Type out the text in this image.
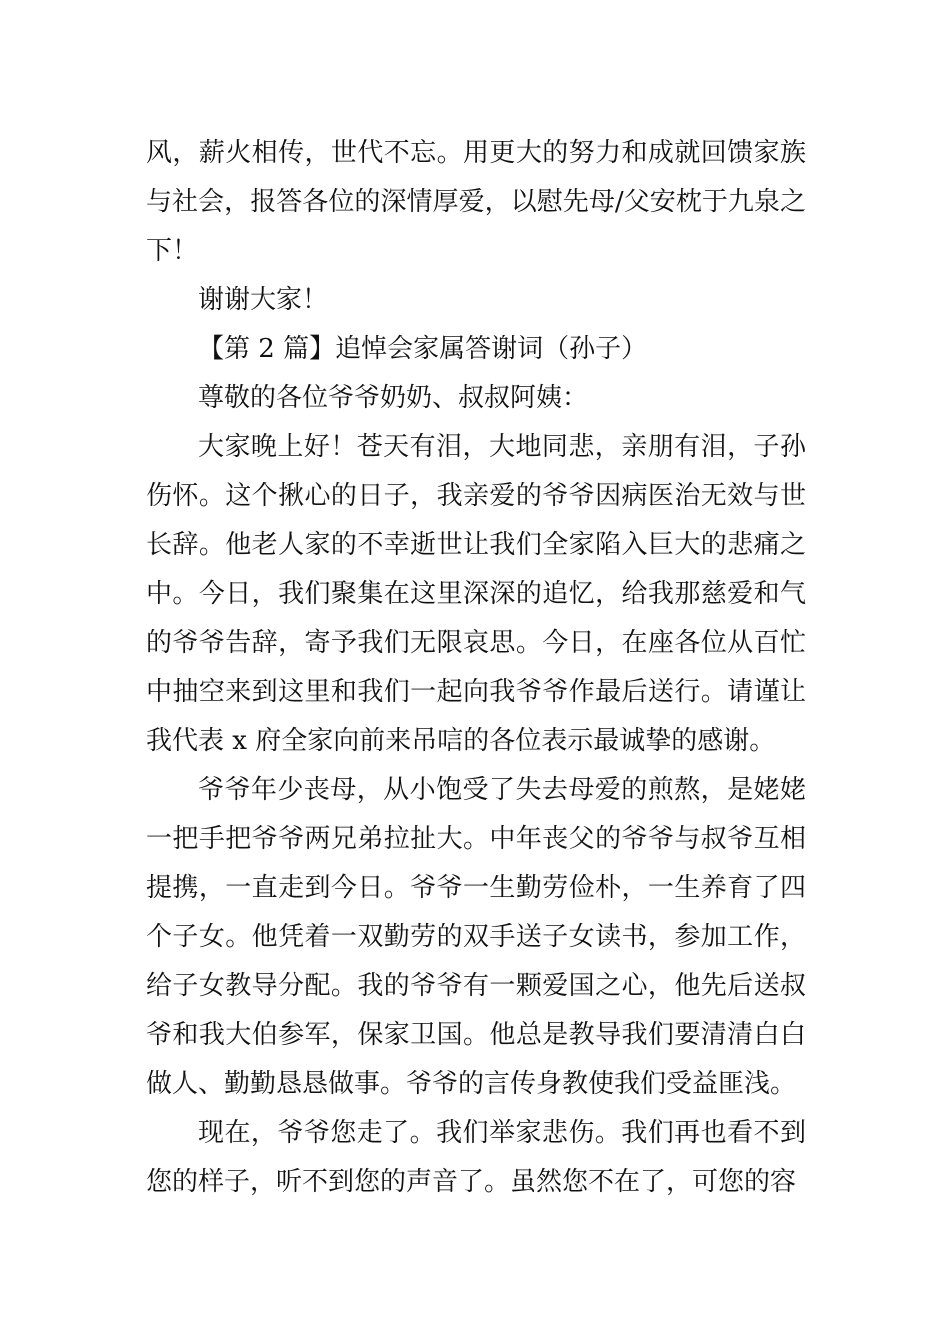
风，薪火相传，世代不忘。用更大的努力和成就回馈家族
与社会，报答各位的深情厚爱，以慰先母/父安枕于九泉之
下！
谢谢大家！
【第 2 篇】追悼会家属答谢词（孙子）
尊敬的各位爷爷奶奶、叔叔阿姨：
大家晚上好！苍天有泪，大地同悲，亲朋有泪，子孙
伤怀。这个揪心的日子，我亲爱的爷爷因病医治无效与世
长辞。他老人家的不幸逝世让我们全家陷入巨大的悲痛之
中。今日，我们聚集在这里深深的追忆，给我那慈爱和气
的爷爷告辞，寄予我们无限哀思。今日，在座各位从百忙
中抽空来到这里和我们一起向我爷爷作最后送行。请谨让
我代表 x 府全家向前来吊唁的各位表示最诚挚的感谢。
爷爷年少丧母，从小饱受了失去母爱的煎熬，是姥姥
一把手把爷爷两兄弟拉扯大。中年丧父的爷爷与叔爷互相
提携，一直走到今日。爷爷一生勤劳俭朴，一生养育了四
个子女。他凭着一双勤劳的双手送子女读书，参加工作，
给子女教导分配。我的爷爷有一颗爱国之心，他先后送叔
爷和我大伯参军，保家卫国。他总是教导我们要清清白白
做人、勤勤恳恳做事。爷爷的言传身教使我们受益匪浅。
现在，爷爷您走了。我们举家悲伤。我们再也看不到
您的样子，听不到您的声音了。虽然您不在了，可您的容
